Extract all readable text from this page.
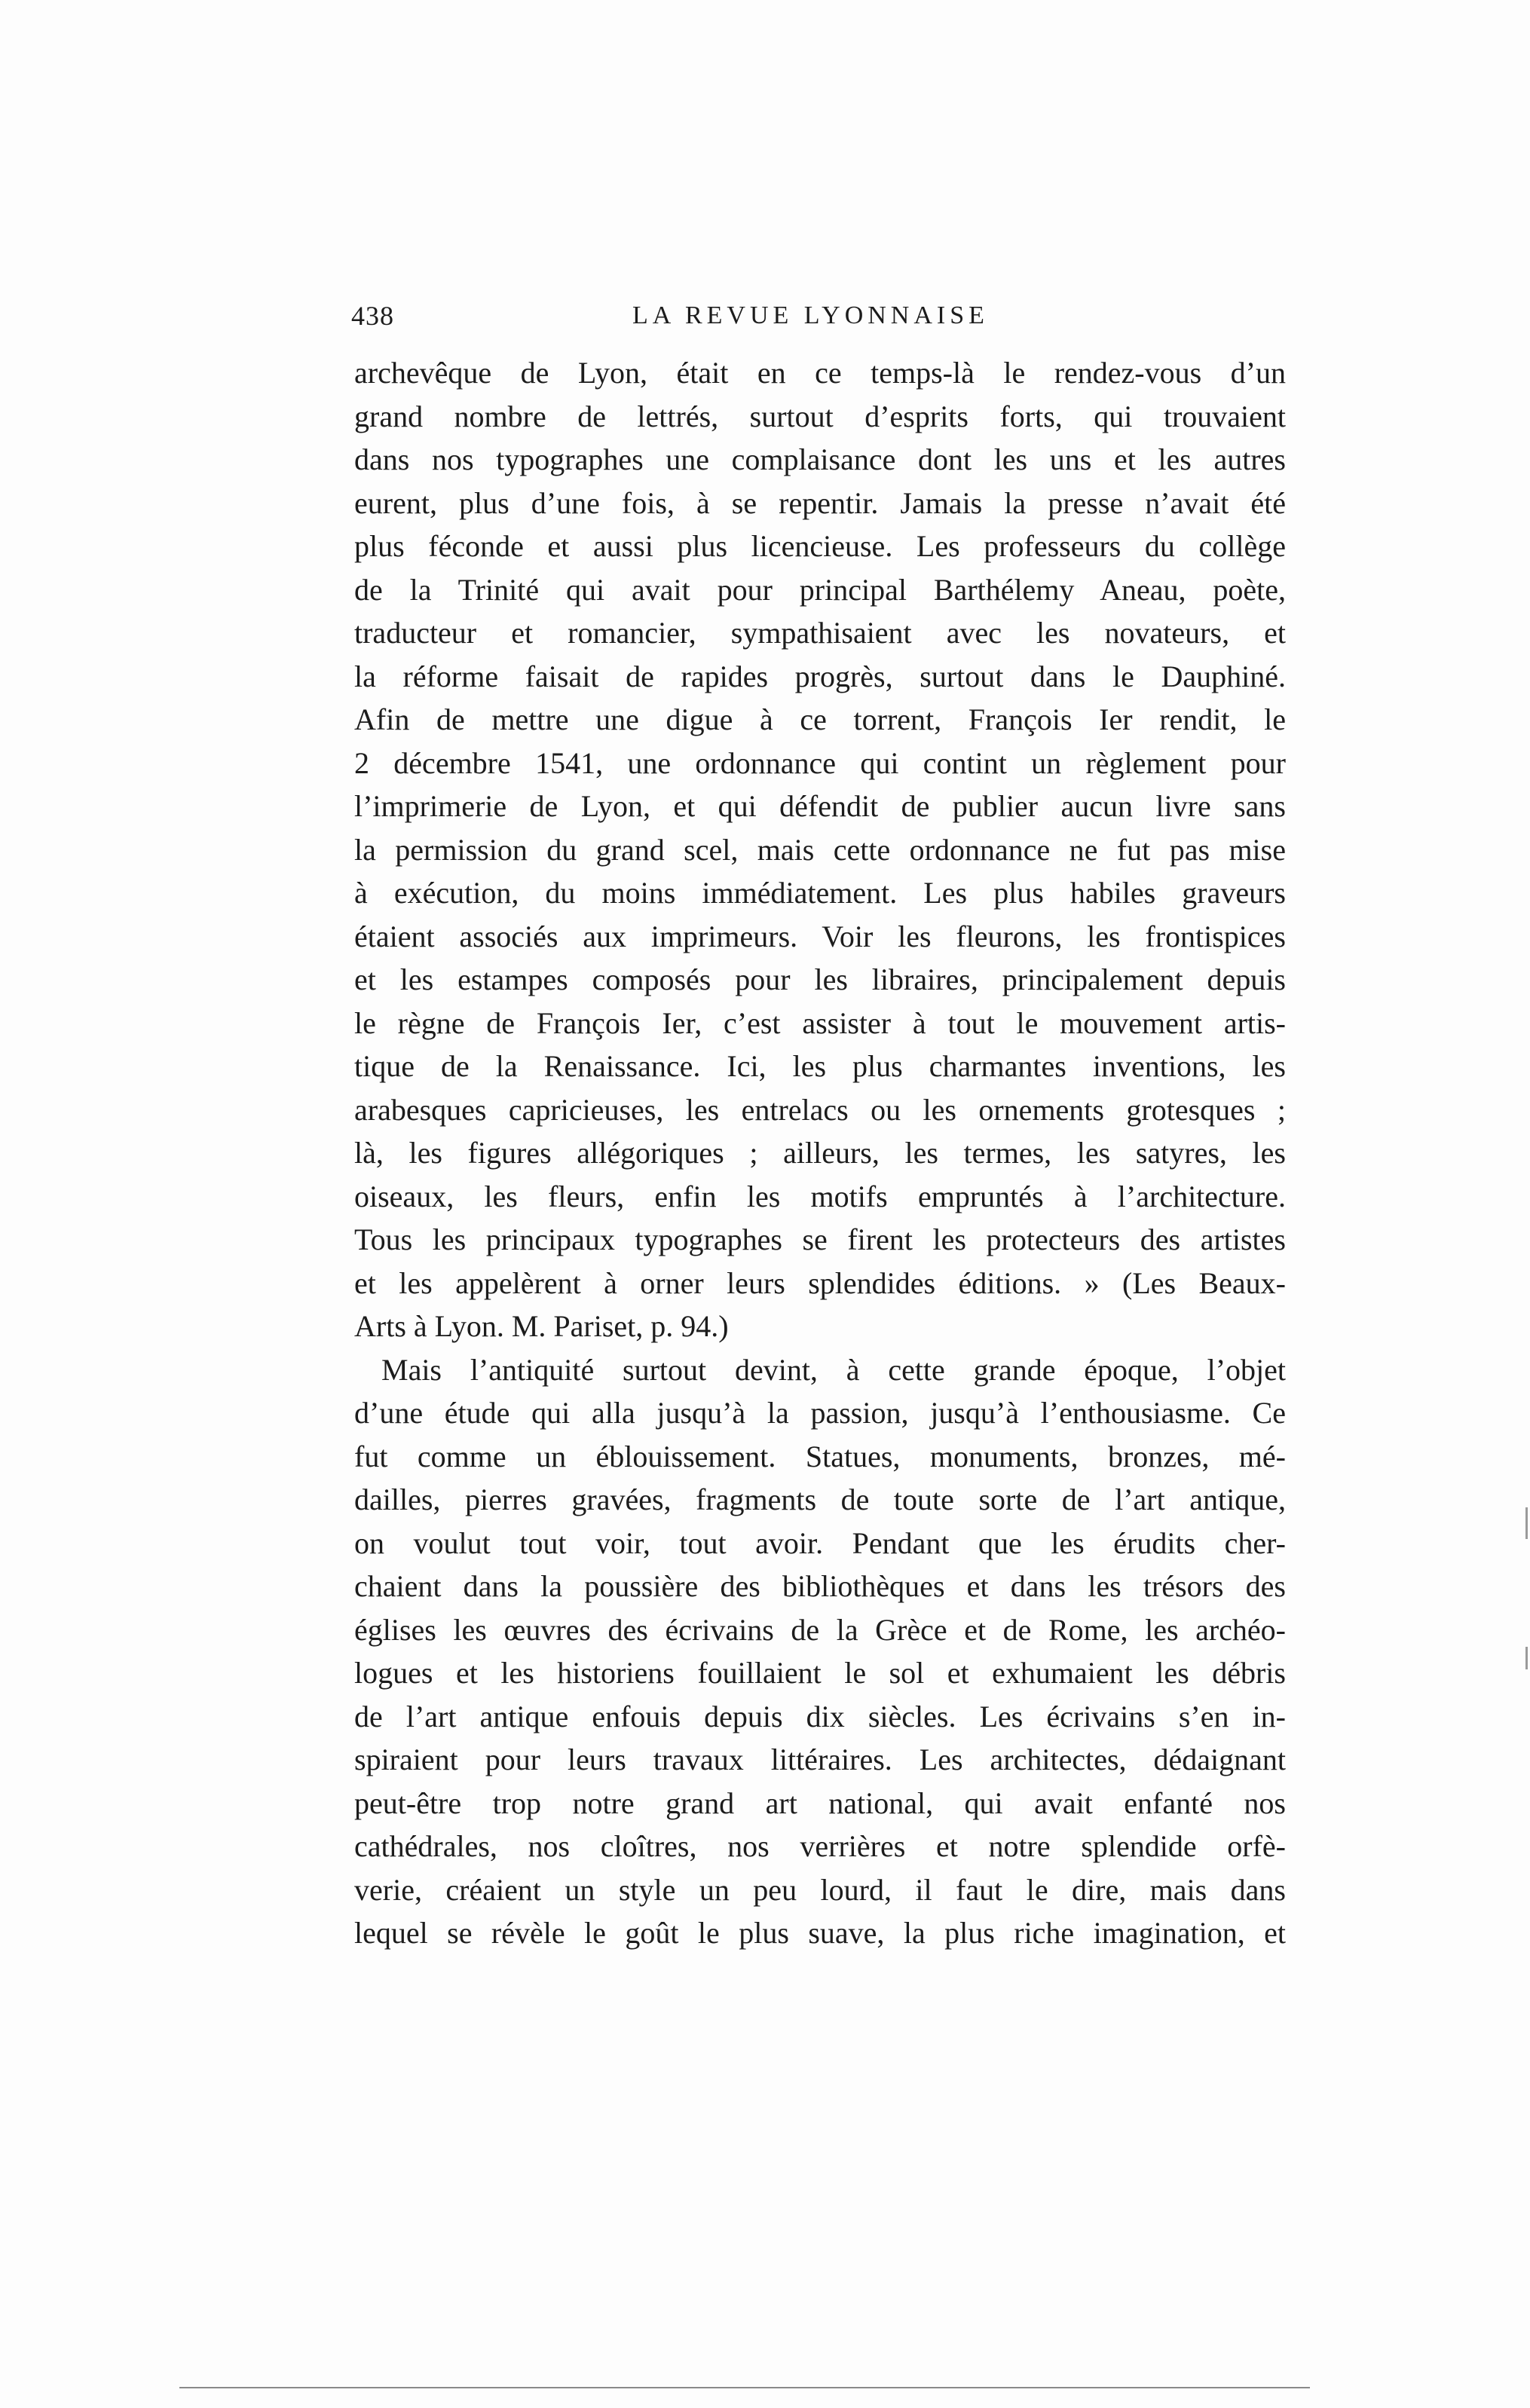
438	LA REVUE LYONNAISE
archevêque de Lyon, était en ce temps-là le rendez-vous d’un
grand nombre de lettrés, surtout d’esprits forts, qui trouvaient
dans nos typographes une complaisance dont les uns et les autres
eurent, plus d’une fois, à se repentir. Jamais la presse n’avait été
plus féconde et aussi plus licencieuse. Les professeurs du collège
de la Trinité qui avait pour principal Barthélemy Aneau, poète,
traducteur et romancier, sympathisaient avec les novateurs, et
la réforme faisait de rapides progrès, surtout dans le Dauphiné.
Afin de mettre une digue à ce torrent, François Ier rendit, le
2 décembre 1541, une ordonnance qui contint un règlement pour
l’imprimerie de Lyon, et qui défendit de publier aucun livre sans
la permission du grand scel, mais cette ordonnance ne fut pas mise
à exécution, du moins immédiatement. Les plus habiles graveurs
étaient associés aux imprimeurs. Voir les fleurons, les frontispices
et les estampes composés pour les libraires, principalement depuis
le règne de François Ier, c’est assister à tout le mouvement artis-
tique de la Renaissance. Ici, les plus charmantes inventions, les
arabesques capricieuses, les entrelacs ou les ornements grotesques ;
là, les figures allégoriques ; ailleurs, les termes, les satyres, les
oiseaux, les fleurs, enfin les motifs empruntés à l’architecture.
Tous les principaux typographes se firent les protecteurs des artistes
et les appelèrent à orner leurs splendides éditions. » (Les Beaux-
Arts à Lyon. M. Pariset, p. 94.)
Mais l’antiquité surtout devint, à cette grande époque, l’objet
d’une étude qui alla jusqu’à la passion, jusqu’à l’enthousiasme. Ce
fut comme un éblouissement. Statues, monuments, bronzes, mé-
dailles, pierres gravées, fragments de toute sorte de l’art antique,
on voulut tout voir, tout avoir. Pendant que les érudits cher-
chaient dans la poussière des bibliothèques et dans les trésors des
églises les œuvres des écrivains de la Grèce et de Rome, les archéo-
logues et les historiens fouillaient le sol et exhumaient les débris
de l’art antique enfouis depuis dix siècles. Les écrivains s’en in-
spiraient pour leurs travaux littéraires. Les architectes, dédaignant
peut-être trop notre grand art national, qui avait enfanté nos
cathédrales, nos cloîtres, nos verrières et notre splendide orfè-
verie, créaient un style un peu lourd, il faut le dire, mais dans
lequel se révèle le goût le plus suave, la plus riche imagination, et
